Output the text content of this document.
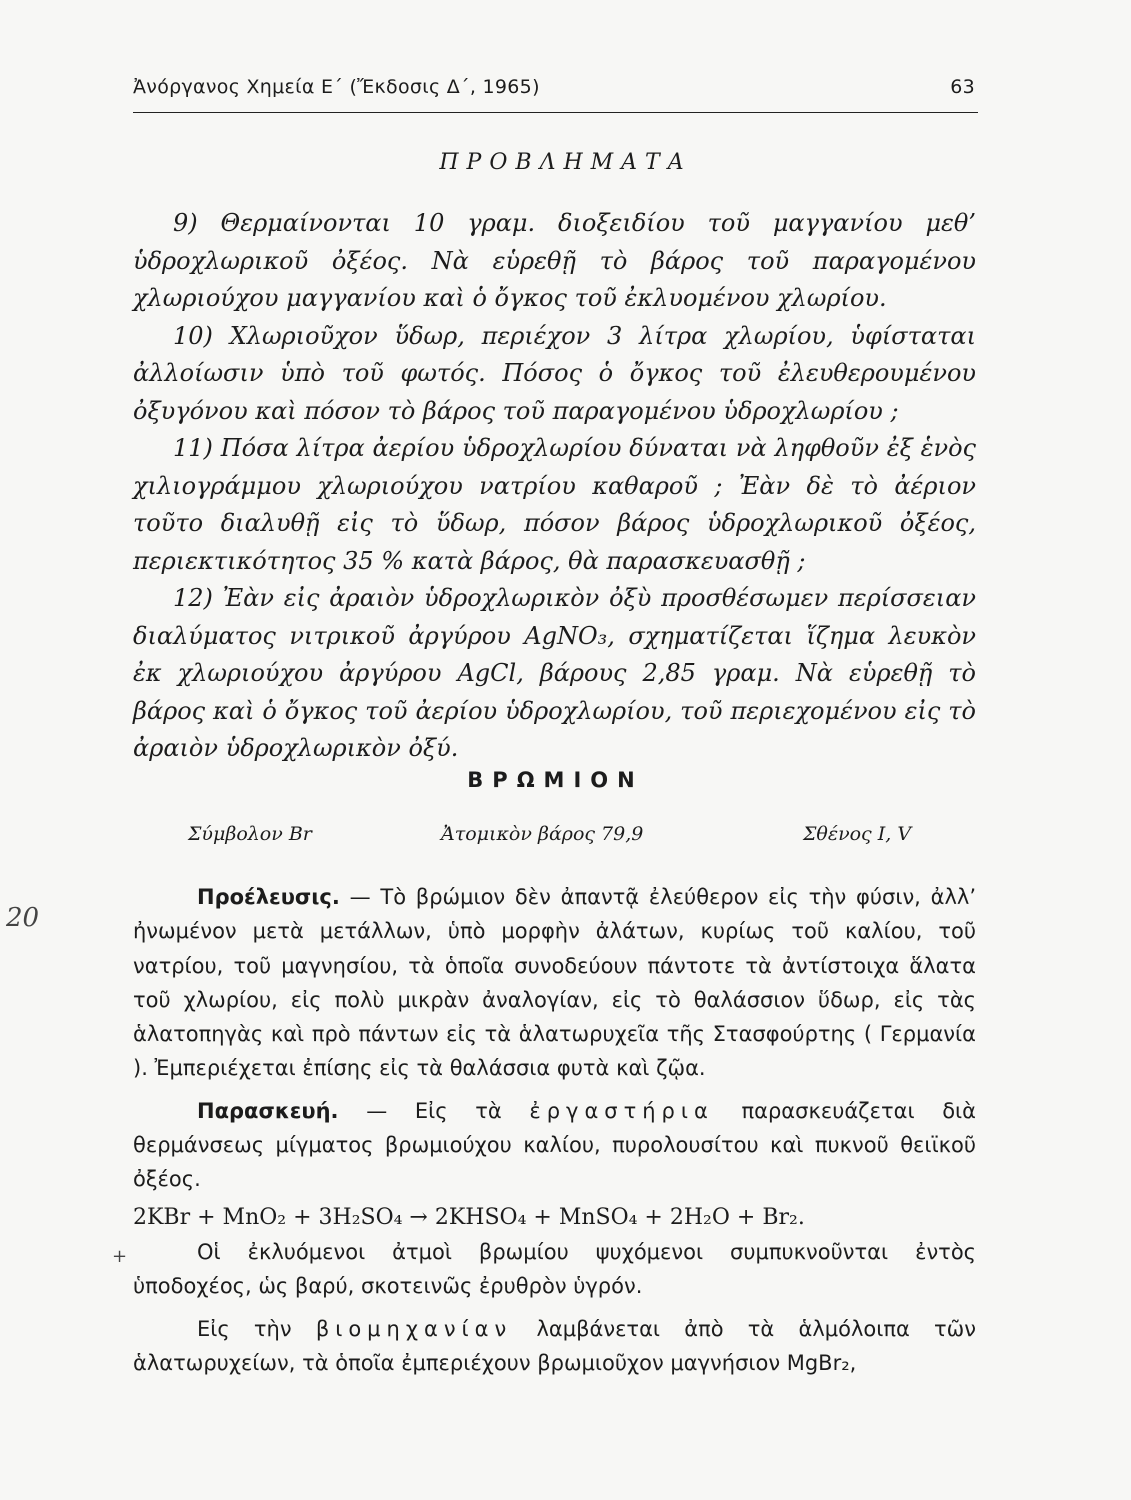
Ἀνόργανος Χημεία Ε΄ (Ἔκδοσις Δ΄, 1965)	63
ΠΡΟΒΛΗΜΑΤΑ

9) Θερμαίνονται 10 γραμ. διοξειδίου τοῦ μαγγανίου μεθ’ ὑδροχλωρικοῦ ὀξέος. Νὰ εὑρεθῇ τὸ βάρος τοῦ παραγομένου χλωριούχου μαγγανίου καὶ ὁ ὄγκος τοῦ ἐκλυομένου χλωρίου.

10) Χλωριοῦχον ὕδωρ, περιέχον 3 λίτρα χλωρίου, ὑφίσταται ἀλλοίωσιν ὑπὸ τοῦ φωτός. Πόσος ὁ ὄγκος τοῦ ἐλευθερουμένου ὀξυγόνου καὶ πόσον τὸ βάρος τοῦ παραγομένου ὑδροχλωρίου ;

11) Πόσα λίτρα ἀερίου ὑδροχλωρίου δύναται νὰ ληφθοῦν ἐξ ἑνὸς χιλιογράμμου χλωριούχου νατρίου καθαροῦ ; Ἐὰν δὲ τὸ ἀέριον τοῦτο διαλυθῇ εἰς τὸ ὕδωρ, πόσον βάρος ὑδροχλωρικοῦ ὀξέος, περιεκτικότητος 35 % κατὰ βάρος, θὰ παρασκευασθῇ ;

12) Ἐὰν εἰς ἀραιὸν ὑδροχλωρικὸν ὀξὺ προσθέσωμεν περίσσειαν διαλύματος νιτρικοῦ ἀργύρου AgNO₃, σχηματίζεται ἵζημα λευκὸν ἐκ χλωριούχου ἀργύρου AgCl, βάρους 2,85 γραμ. Νὰ εὑρεθῇ τὸ βάρος καὶ ὁ ὄγκος τοῦ ἀερίου ὑδροχλωρίου, τοῦ περιεχομένου εἰς τὸ ἀραιὸν ὑδροχλωρικὸν ὀξύ.

ΒΡΩΜΙΟΝ
Σύμβολον Br	Ἀτομικὸν βάρος 79,9	Σθένος I, V

Προέλευσις. — Τὸ βρώμιον δὲν ἀπαντᾷ ἐλεύθερον εἰς τὴν φύσιν, ἀλλ’ ἠνωμένον μετὰ μετάλλων, ὑπὸ μορφὴν ἀλάτων, κυρίως τοῦ καλίου, τοῦ νατρίου, τοῦ μαγνησίου, τὰ ὁποῖα συνοδεύουν πάντοτε τὰ ἀντίστοιχα ἅλατα τοῦ χλωρίου, εἰς πολὺ μικρὰν ἀναλογίαν, εἰς τὸ θαλάσσιον ὕδωρ, εἰς τὰς ἁλατοπηγὰς καὶ πρὸ πάντων εἰς τὰ ἁλατωρυχεῖα τῆς Στασφούρτης ( Γερμανία ). Ἐμπεριέχεται ἐπίσης εἰς τὰ θαλάσσια φυτὰ καὶ ζῷα.

Παρασκευή. — Εἰς τὰ ἐργαστήρια παρασκευάζεται διὰ θερμάνσεως μίγματος βρωμιούχου καλίου, πυρολουσίτου καὶ πυκνοῦ θειϊκοῦ ὀξέος.

2KBr + MnO₂ + 3H₂SO₄ → 2KHSO₄ + MnSO₄ + 2H₂O + Br₂.

Οἱ ἐκλυόμενοι ἀτμοὶ βρωμίου ψυχόμενοι συμπυκνοῦνται ἐντὸς ὑποδοχέος, ὡς βαρύ, σκοτεινῶς ἐρυθρὸν ὑγρόν.

Εἰς τὴν βιομηχανίαν λαμβάνεται ἀπὸ τὰ ἁλμόλοιπα τῶν ἁλατωρυχείων, τὰ ὁποῖα ἐμπεριέχουν βρωμιοῦχον μαγνήσιον MgBr₂,

20
+
